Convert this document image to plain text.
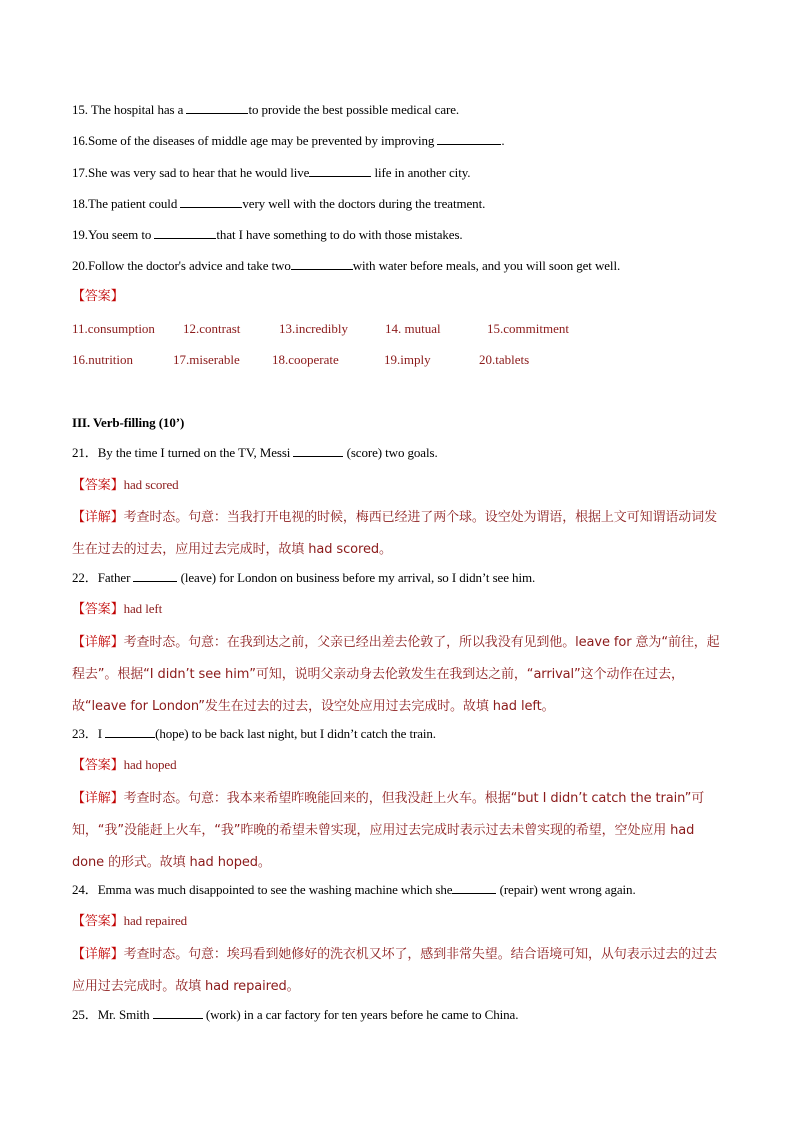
15. The hospital has a	to provide the best possible medical care.
16.Some of the diseases of middle age may be prevented by improving	.
17.She was very sad to hear that he would live	life in another city.
18.The patient could	very well with the doctors during the treatment.
19.You seem to	that I have something to do with those mistakes.
20.Follow the doctor's advice and take two	with water before meals, and you will soon get well.
【答案】
11.consumption 12.contrast	13.incredibly	14. mutual	15.commitment
16.nutrition	17.miserable 18.cooperate	19.imply	20.tablets
III. Verb-filling (10’)
21．By the time I turned on the TV, Messi	(score) two goals.
【答案】had scored
【详解】考查时态。句意：当我打开电视的时候，梅西已经进了两个球。设空处为谓语，根据上文可知谓语动词发生在过去的过去，应用过去完成时，故填 had scored。
22．Father	(leave) for London on business before my arrival, so I didn’t see him.
【答案】had left
【详解】考查时态。句意：在我到达之前，父亲已经出差去伦敦了，所以我没有见到他。leave for 意为“前往，起程去”。根据“I didn’t see him”可知，说明父亲动身去伦敦发生在我到达之前，“arrival”这个动作在过去，故“leave for London”发生在过去的过去，设空处应用过去完成时。故填 had left。
23．I	(hope) to be back last night, but I didn’t catch the train.
【答案】had hoped
【详解】考查时态。句意：我本来希望昨晚能回来的，但我没赶上火车。根据“but I didn’t catch the train”可知，“我”没能赶上火车，“我”昨晚的希望未曾实现，应用过去完成时表示过去未曾实现的希望，空处应用 had done 的形式。故填 had hoped。
24．Emma was much disappointed to see the washing machine which she	(repair) went wrong again.
【答案】had repaired
【详解】考查时态。句意：埃玛看到她修好的洗衣机又坏了，感到非常失望。结合语境可知，从句表示过去的过去应用过去完成时。故填 had repaired。
25．Mr. Smith	(work) in a car factory for ten years before he came to China.
